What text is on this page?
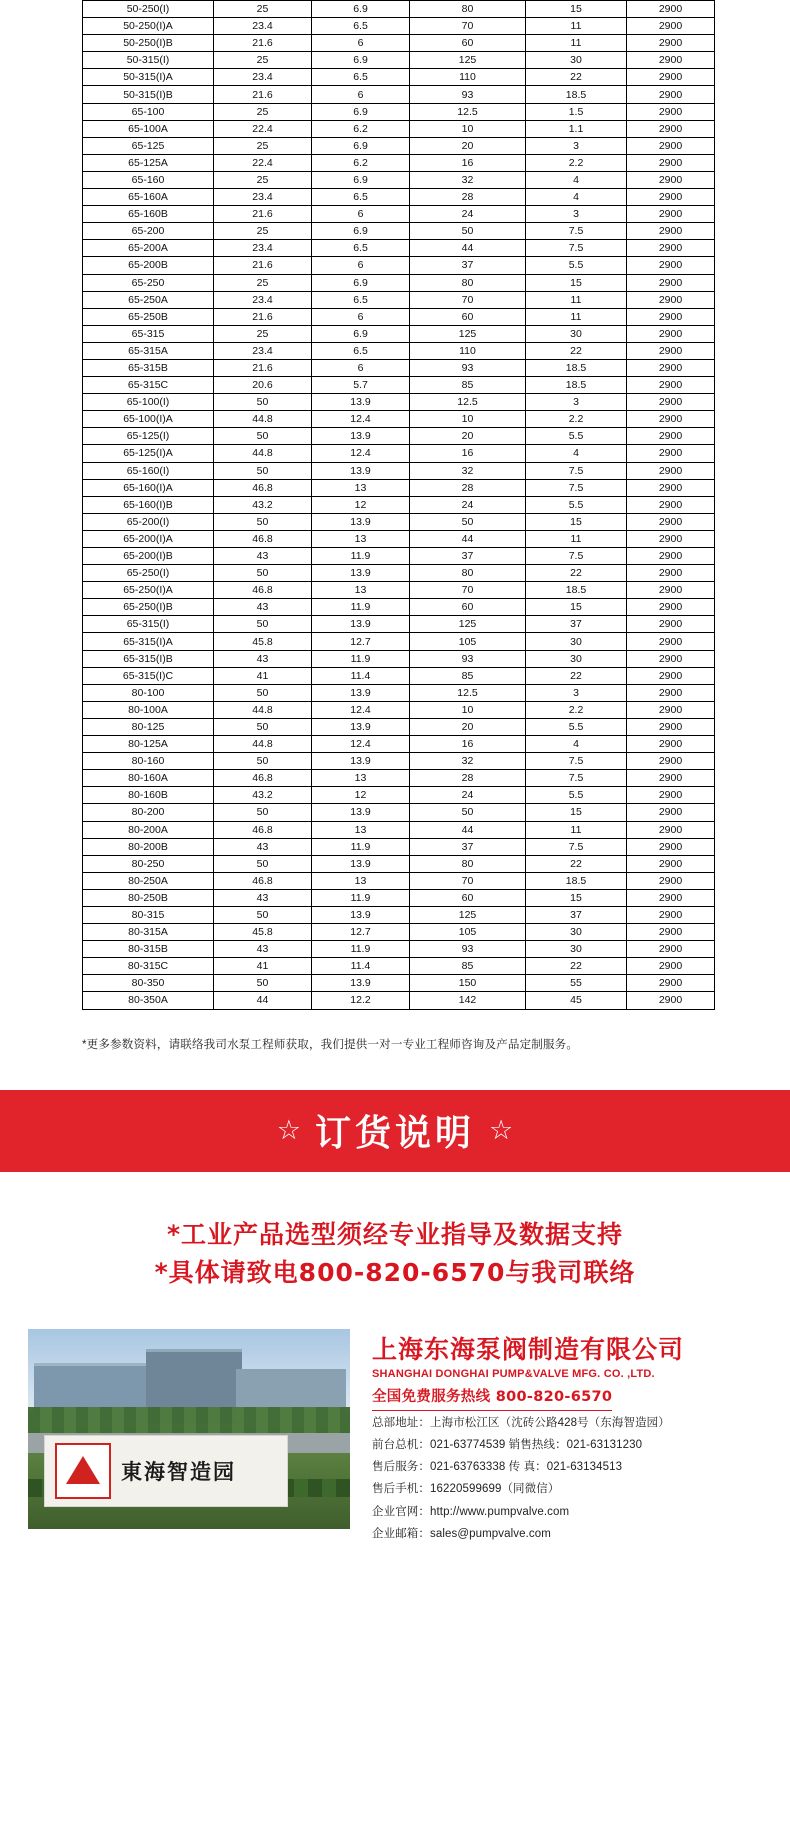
50-250(I)	25	6.9	80	15	2900
50-250(I)A	23.4	6.5	70	11	2900
50-250(I)B	21.6	6	60	11	2900
50-315(I)	25	6.9	125	30	2900
50-315(I)A	23.4	6.5	110	22	2900
50-315(I)B	21.6	6	93	18.5	2900
65-100	25	6.9	12.5	1.5	2900
65-100A	22.4	6.2	10	1.1	2900
65-125	25	6.9	20	3	2900
65-125A	22.4	6.2	16	2.2	2900
65-160	25	6.9	32	4	2900
65-160A	23.4	6.5	28	4	2900
65-160B	21.6	6	24	3	2900
65-200	25	6.9	50	7.5	2900
65-200A	23.4	6.5	44	7.5	2900
65-200B	21.6	6	37	5.5	2900
65-250	25	6.9	80	15	2900
65-250A	23.4	6.5	70	11	2900
65-250B	21.6	6	60	11	2900
65-315	25	6.9	125	30	2900
65-315A	23.4	6.5	110	22	2900
65-315B	21.6	6	93	18.5	2900
65-315C	20.6	5.7	85	18.5	2900
65-100(I)	50	13.9	12.5	3	2900
65-100(I)A	44.8	12.4	10	2.2	2900
65-125(I)	50	13.9	20	5.5	2900
65-125(I)A	44.8	12.4	16	4	2900
65-160(I)	50	13.9	32	7.5	2900
65-160(I)A	46.8	13	28	7.5	2900
65-160(I)B	43.2	12	24	5.5	2900
65-200(I)	50	13.9	50	15	2900
65-200(I)A	46.8	13	44	11	2900
65-200(I)B	43	11.9	37	7.5	2900
65-250(I)	50	13.9	80	22	2900
65-250(I)A	46.8	13	70	18.5	2900
65-250(I)B	43	11.9	60	15	2900
65-315(I)	50	13.9	125	37	2900
65-315(I)A	45.8	12.7	105	30	2900
65-315(I)B	43	11.9	93	30	2900
65-315(I)C	41	11.4	85	22	2900
80-100	50	13.9	12.5	3	2900
80-100A	44.8	12.4	10	2.2	2900
80-125	50	13.9	20	5.5	2900
80-125A	44.8	12.4	16	4	2900
80-160	50	13.9	32	7.5	2900
80-160A	46.8	13	28	7.5	2900
80-160B	43.2	12	24	5.5	2900
80-200	50	13.9	50	15	2900
80-200A	46.8	13	44	11	2900
80-200B	43	11.9	37	7.5	2900
80-250	50	13.9	80	22	2900
80-250A	46.8	13	70	18.5	2900
80-250B	43	11.9	60	15	2900
80-315	50	13.9	125	37	2900
80-315A	45.8	12.7	105	30	2900
80-315B	43	11.9	93	30	2900
80-315C	41	11.4	85	22	2900
80-350	50	13.9	150	55	2900
80-350A	44	12.2	142	45	2900
*更多参数资料，请联络我司水泵工程师获取，我们提供一对一专业工程师咨询及产品定制服务。
☆ 订货说明 ☆
*工业产品选型须经专业指导及数据支持
*具体请致电800-820-6570与我司联络
東海智造园
上海东海泵阀制造有限公司
SHANGHAI DONGHAI PUMP&VALVE MFG. CO. ,LTD.
全国免费服务热线 800-820-6570
总部地址：上海市松江区（沈砖公路428号（东海智造园）
前台总机：021-63774539 销售热线：021-63131230
售后服务：021-63763338 传 真：021-63134513
售后手机：16220599699（同微信）
企业官网：http://www.pumpvalve.com
企业邮箱：sales@pumpvalve.com
